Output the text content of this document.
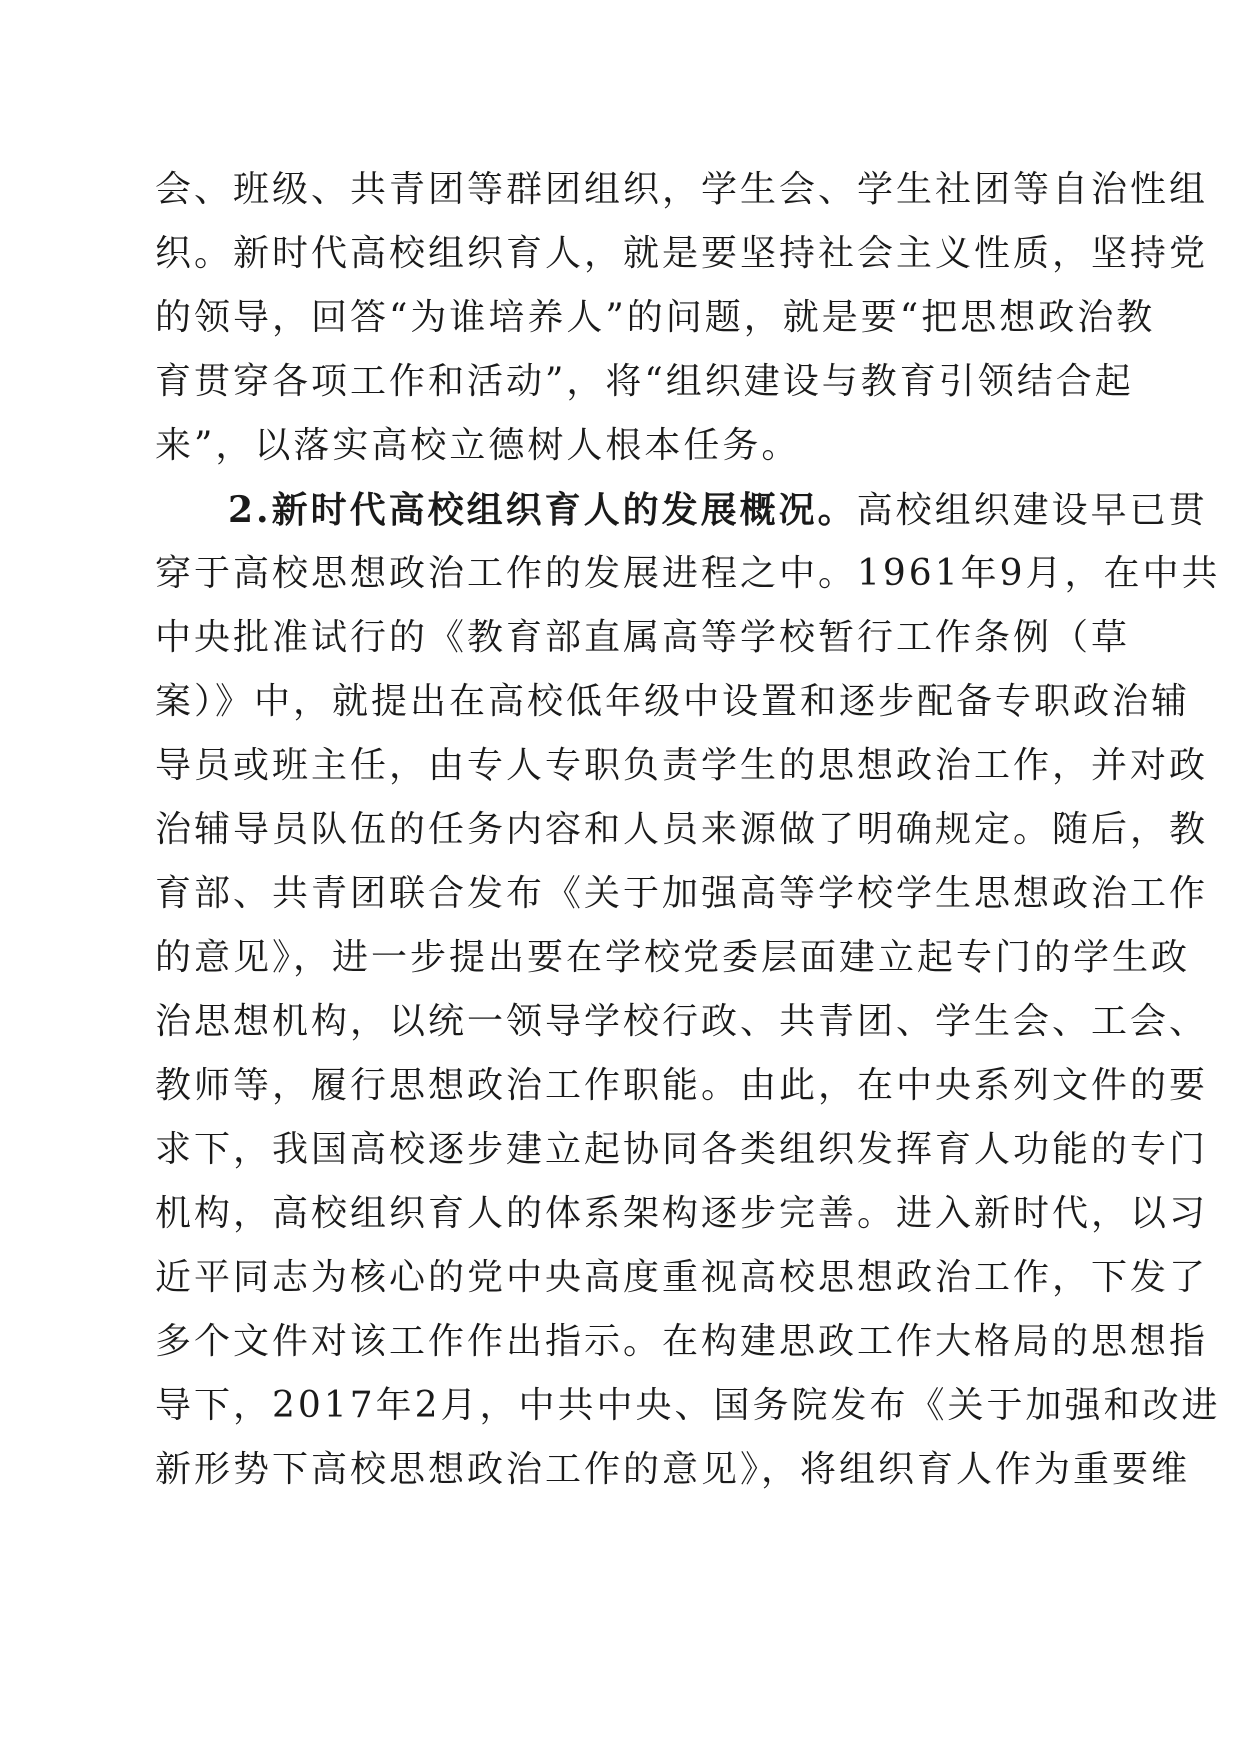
会、班级、共青团等群团组织，学生会、学生社团等自治性组
织。新时代高校组织育人，就是要坚持社会主义性质，坚持党
的领导，回答“为谁培养人”的问题，就是要“把思想政治教
育贯穿各项工作和活动”，将“组织建设与教育引领结合起
来”，以落实高校立德树人根本任务。
2.新时代高校组织育人的发展概况。高校组织建设早已贯
穿于高校思想政治工作的发展进程之中。1961年9月，在中共
中央批准试行的《教育部直属高等学校暂行工作条例（草
案）》中，就提出在高校低年级中设置和逐步配备专职政治辅
导员或班主任，由专人专职负责学生的思想政治工作，并对政
治辅导员队伍的任务内容和人员来源做了明确规定。随后，教
育部、共青团联合发布《关于加强高等学校学生思想政治工作
的意见》，进一步提出要在学校党委层面建立起专门的学生政
治思想机构，以统一领导学校行政、共青团、学生会、工会、
教师等，履行思想政治工作职能。由此，在中央系列文件的要
求下，我国高校逐步建立起协同各类组织发挥育人功能的专门
机构，高校组织育人的体系架构逐步完善。进入新时代，以习
近平同志为核心的党中央高度重视高校思想政治工作，下发了
多个文件对该工作作出指示。在构建思政工作大格局的思想指
导下，2017年2月，中共中央、国务院发布《关于加强和改进
新形势下高校思想政治工作的意见》，将组织育人作为重要维
